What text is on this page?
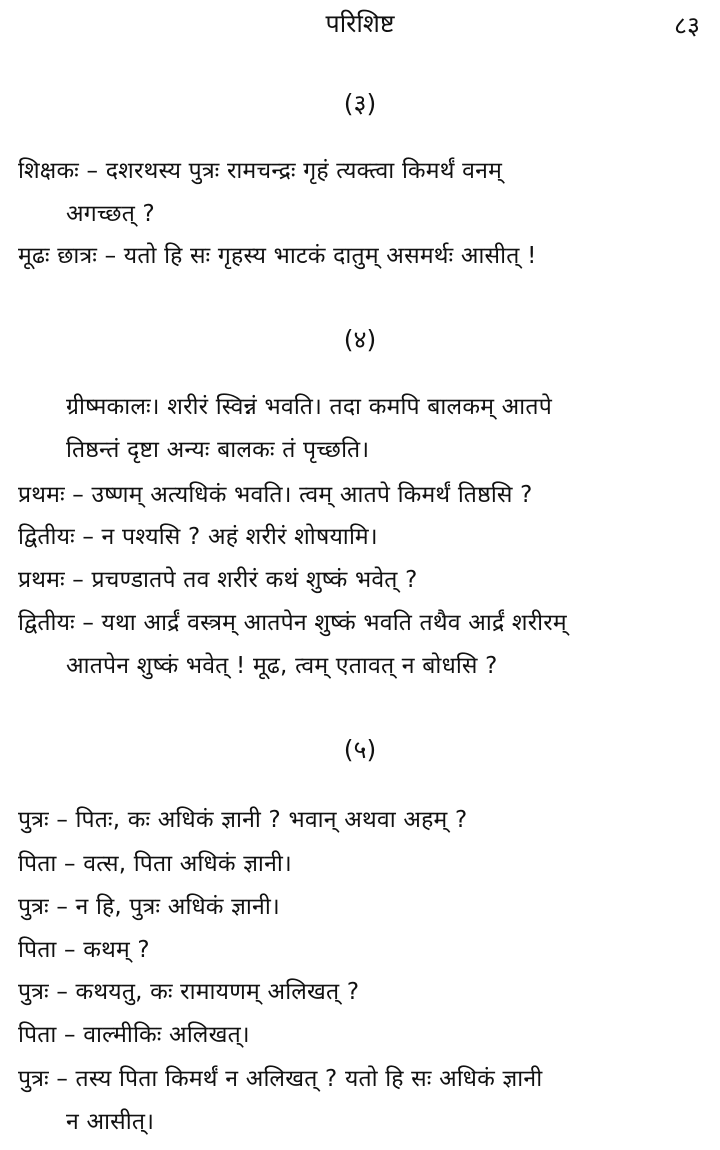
परिशिष्ट	८३
(३)
शिक्षकः – दशरथस्य पुत्रः रामचन्द्रः गृहं त्यक्त्वा किमर्थं वनम्
अगच्छत् ?
मूढः छात्रः – यतो हि सः गृहस्य भाटकं दातुम् असमर्थः आसीत् !
(४)
ग्रीष्मकालः। शरीरं स्विन्नं भवति। तदा कमपि बालकम् आतपे
तिष्ठन्तं दृष्टा अन्यः बालकः तं पृच्छति।
प्रथमः – उष्णम् अत्यधिकं भवति। त्वम् आतपे किमर्थं तिष्ठसि ?
द्वितीयः – न पश्यसि ? अहं शरीरं शोषयामि।
प्रथमः – प्रचण्डातपे तव शरीरं कथं शुष्कं भवेत् ?
द्वितीयः – यथा आर्द्रं वस्त्रम् आतपेन शुष्कं भवति तथैव आर्द्रं शरीरम्
आतपेन शुष्कं भवेत् ! मूढ, त्वम् एतावत् न बोधसि ?
(५)
पुत्रः – पितः, कः अधिकं ज्ञानी ? भवान् अथवा अहम् ?
पिता – वत्स, पिता अधिकं ज्ञानी।
पुत्रः – न हि, पुत्रः अधिकं ज्ञानी।
पिता – कथम् ?
पुत्रः – कथयतु, कः रामायणम् अलिखत् ?
पिता – वाल्मीकिः अलिखत्।
पुत्रः – तस्य पिता किमर्थं न अलिखत् ? यतो हि सः अधिकं ज्ञानी
न आसीत्।
